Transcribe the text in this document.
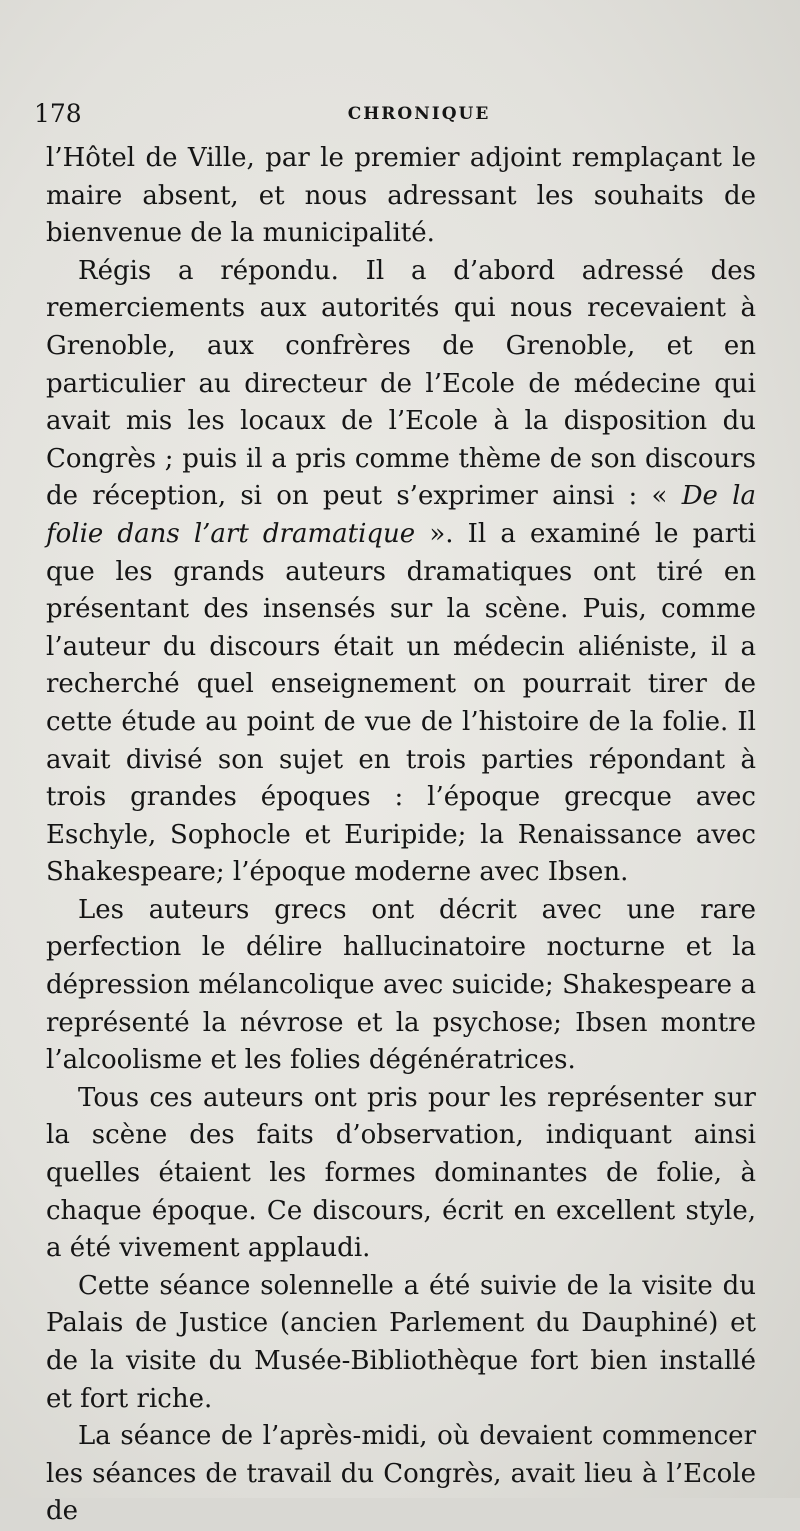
178	CHRONIQUE

l’Hôtel de Ville, par le premier adjoint remplaçant le maire absent, et nous adressant les souhaits de bienvenue de la municipalité.

Régis a répondu. Il a d’abord adressé des remerciements aux autorités qui nous recevaient à Grenoble, aux confrères de Grenoble, et en particulier au directeur de l’Ecole de médecine qui avait mis les locaux de l’Ecole à la disposition du Congrès ; puis il a pris comme thème de son discours de réception, si on peut s’exprimer ainsi : « De la folie dans l’art dramatique ». Il a examiné le parti que les grands auteurs dramatiques ont tiré en présentant des insensés sur la scène. Puis, comme l’auteur du discours était un médecin aliéniste, il a recherché quel enseignement on pourrait tirer de cette étude au point de vue de l’histoire de la folie. Il avait divisé son sujet en trois parties répondant à trois grandes époques : l’époque grecque avec Eschyle, Sophocle et Euripide; la Renaissance avec Shakespeare; l’époque moderne avec Ibsen.

Les auteurs grecs ont décrit avec une rare perfection le délire hallucinatoire nocturne et la dépression mélancolique avec suicide; Shakespeare a représenté la névrose et la psychose; Ibsen montre l’alcoolisme et les folies dégénératrices.

Tous ces auteurs ont pris pour les représenter sur la scène des faits d’observation, indiquant ainsi quelles étaient les formes dominantes de folie, à chaque époque. Ce discours, écrit en excellent style, a été vivement applaudi.

Cette séance solennelle a été suivie de la visite du Palais de Justice (ancien Parlement du Dauphiné) et de la visite du Musée-Bibliothèque fort bien installé et fort riche.

La séance de l’après-midi, où devaient commencer les séances de travail du Congrès, avait lieu à l’Ecole de
